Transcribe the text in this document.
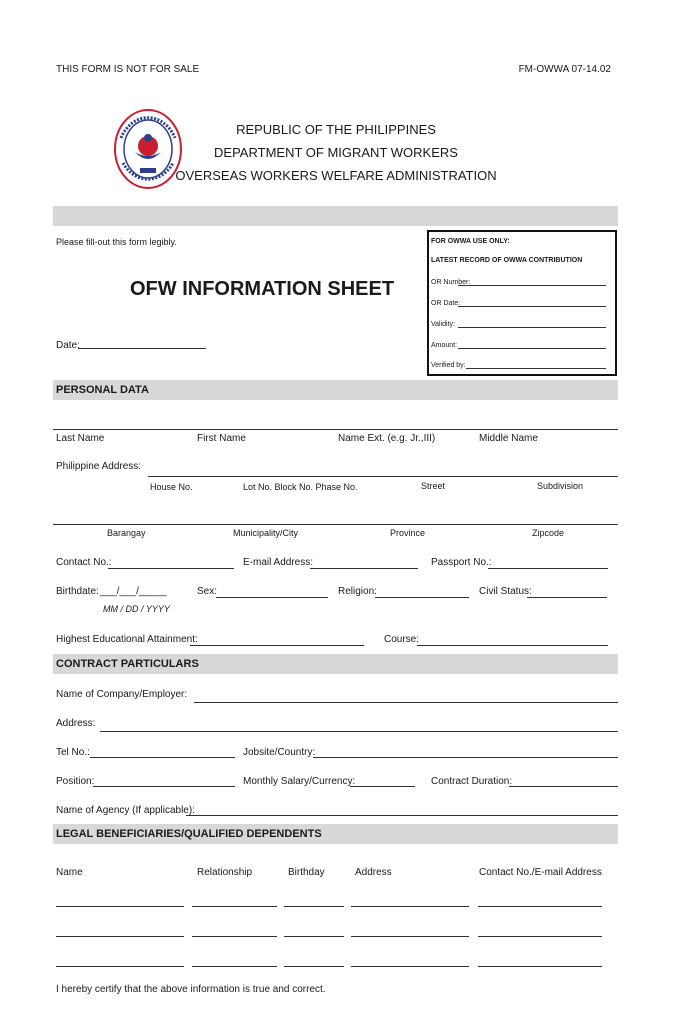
THIS FORM IS NOT FOR SALE	FM-OWWA 07-14.02
REPUBLIC OF THE PHILIPPINES
DEPARTMENT OF MIGRANT WORKERS
OVERSEAS WORKERS WELFARE ADMINISTRATION
Please fill-out this form legibly.
OFW INFORMATION SHEET
Date:
FOR OWWA USE ONLY:
LATEST RECORD OF OWWA CONTRIBUTION
OR Number:
OR Date:
Validity:
Amount:
Verified by:
PERSONAL DATA
Last Name	First Name	Name Ext. (e.g. Jr.,III)	Middle Name
Philippine Address:
House No.	Lot No. Block No. Phase No.	Street	Subdivision
Barangay	Municipality/City	Province	Zipcode
Contact No.:	E-mail Address:	Passport No.:
Birthdate: ___/___/_____
MM / DD / YYYY
Sex:	Religion:	Civil Status:
Highest Educational Attainment:	Course:
CONTRACT PARTICULARS
Name of Company/Employer:
Address:
Tel No.:	Jobsite/Country:
Position:	Monthly Salary/Currency:	Contract Duration:
Name of Agency (If applicable):
LEGAL BENEFICIARIES/QUALIFIED DEPENDENTS
Name	Relationship	Birthday	Address	Contact No./E-mail Address
I hereby certify that the above information is true and correct.
